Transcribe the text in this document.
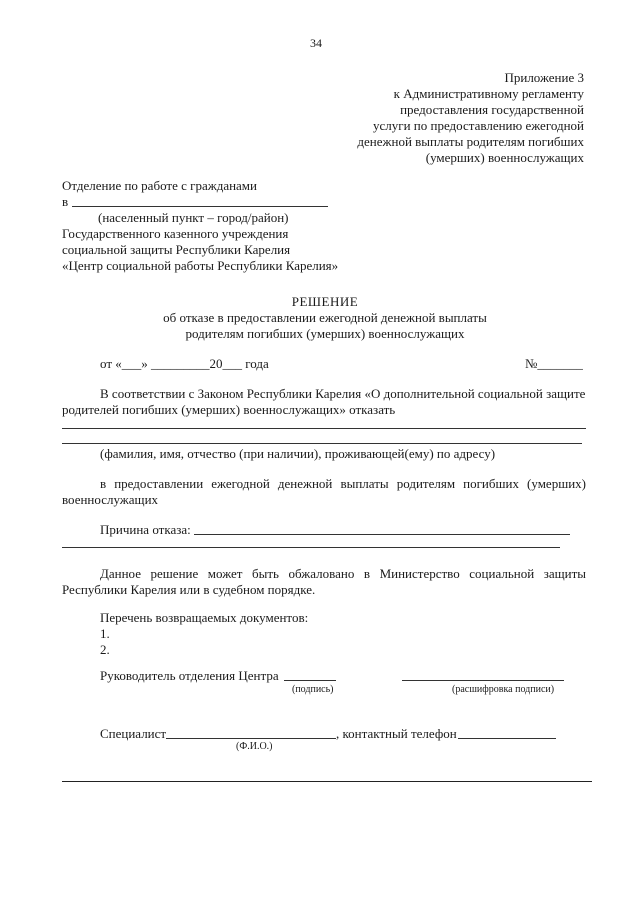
34
Приложение 3
к Административному регламенту
предоставления государственной
услуги по предоставлению ежегодной
денежной выплаты родителям погибших
(умерших) военнослужащих
Отделение по работе с гражданами
в
(населенный пункт – город/район)
Государственного казенного учреждения
социальной защиты Республики Карелия
«Центр социальной работы Республики Карелия»
РЕШЕНИЕ
об отказе в предоставлении ежегодной денежной выплаты
родителям погибших (умерших) военнослужащих
от «___» _________20___ года	№_______
В соответствии с Законом Республики Карелия «О дополнительной социальной защите
родителей погибших (умерших) военнослужащих» отказать
(фамилия, имя, отчество (при наличии), проживающей(ему) по адресу)
в предоставлении ежегодной денежной выплаты родителям погибших (умерших)
военнослужащих
Причина отказа:
Данное решение может быть обжаловано в Министерство социальной защиты
Республики Карелия или в судебном порядке.
Перечень возвращаемых документов:
1.
2.
Руководитель отделения Центра
(подпись)	(расшифровка подписи)
Специалист	, контактный телефон
(Ф.И.О.)
